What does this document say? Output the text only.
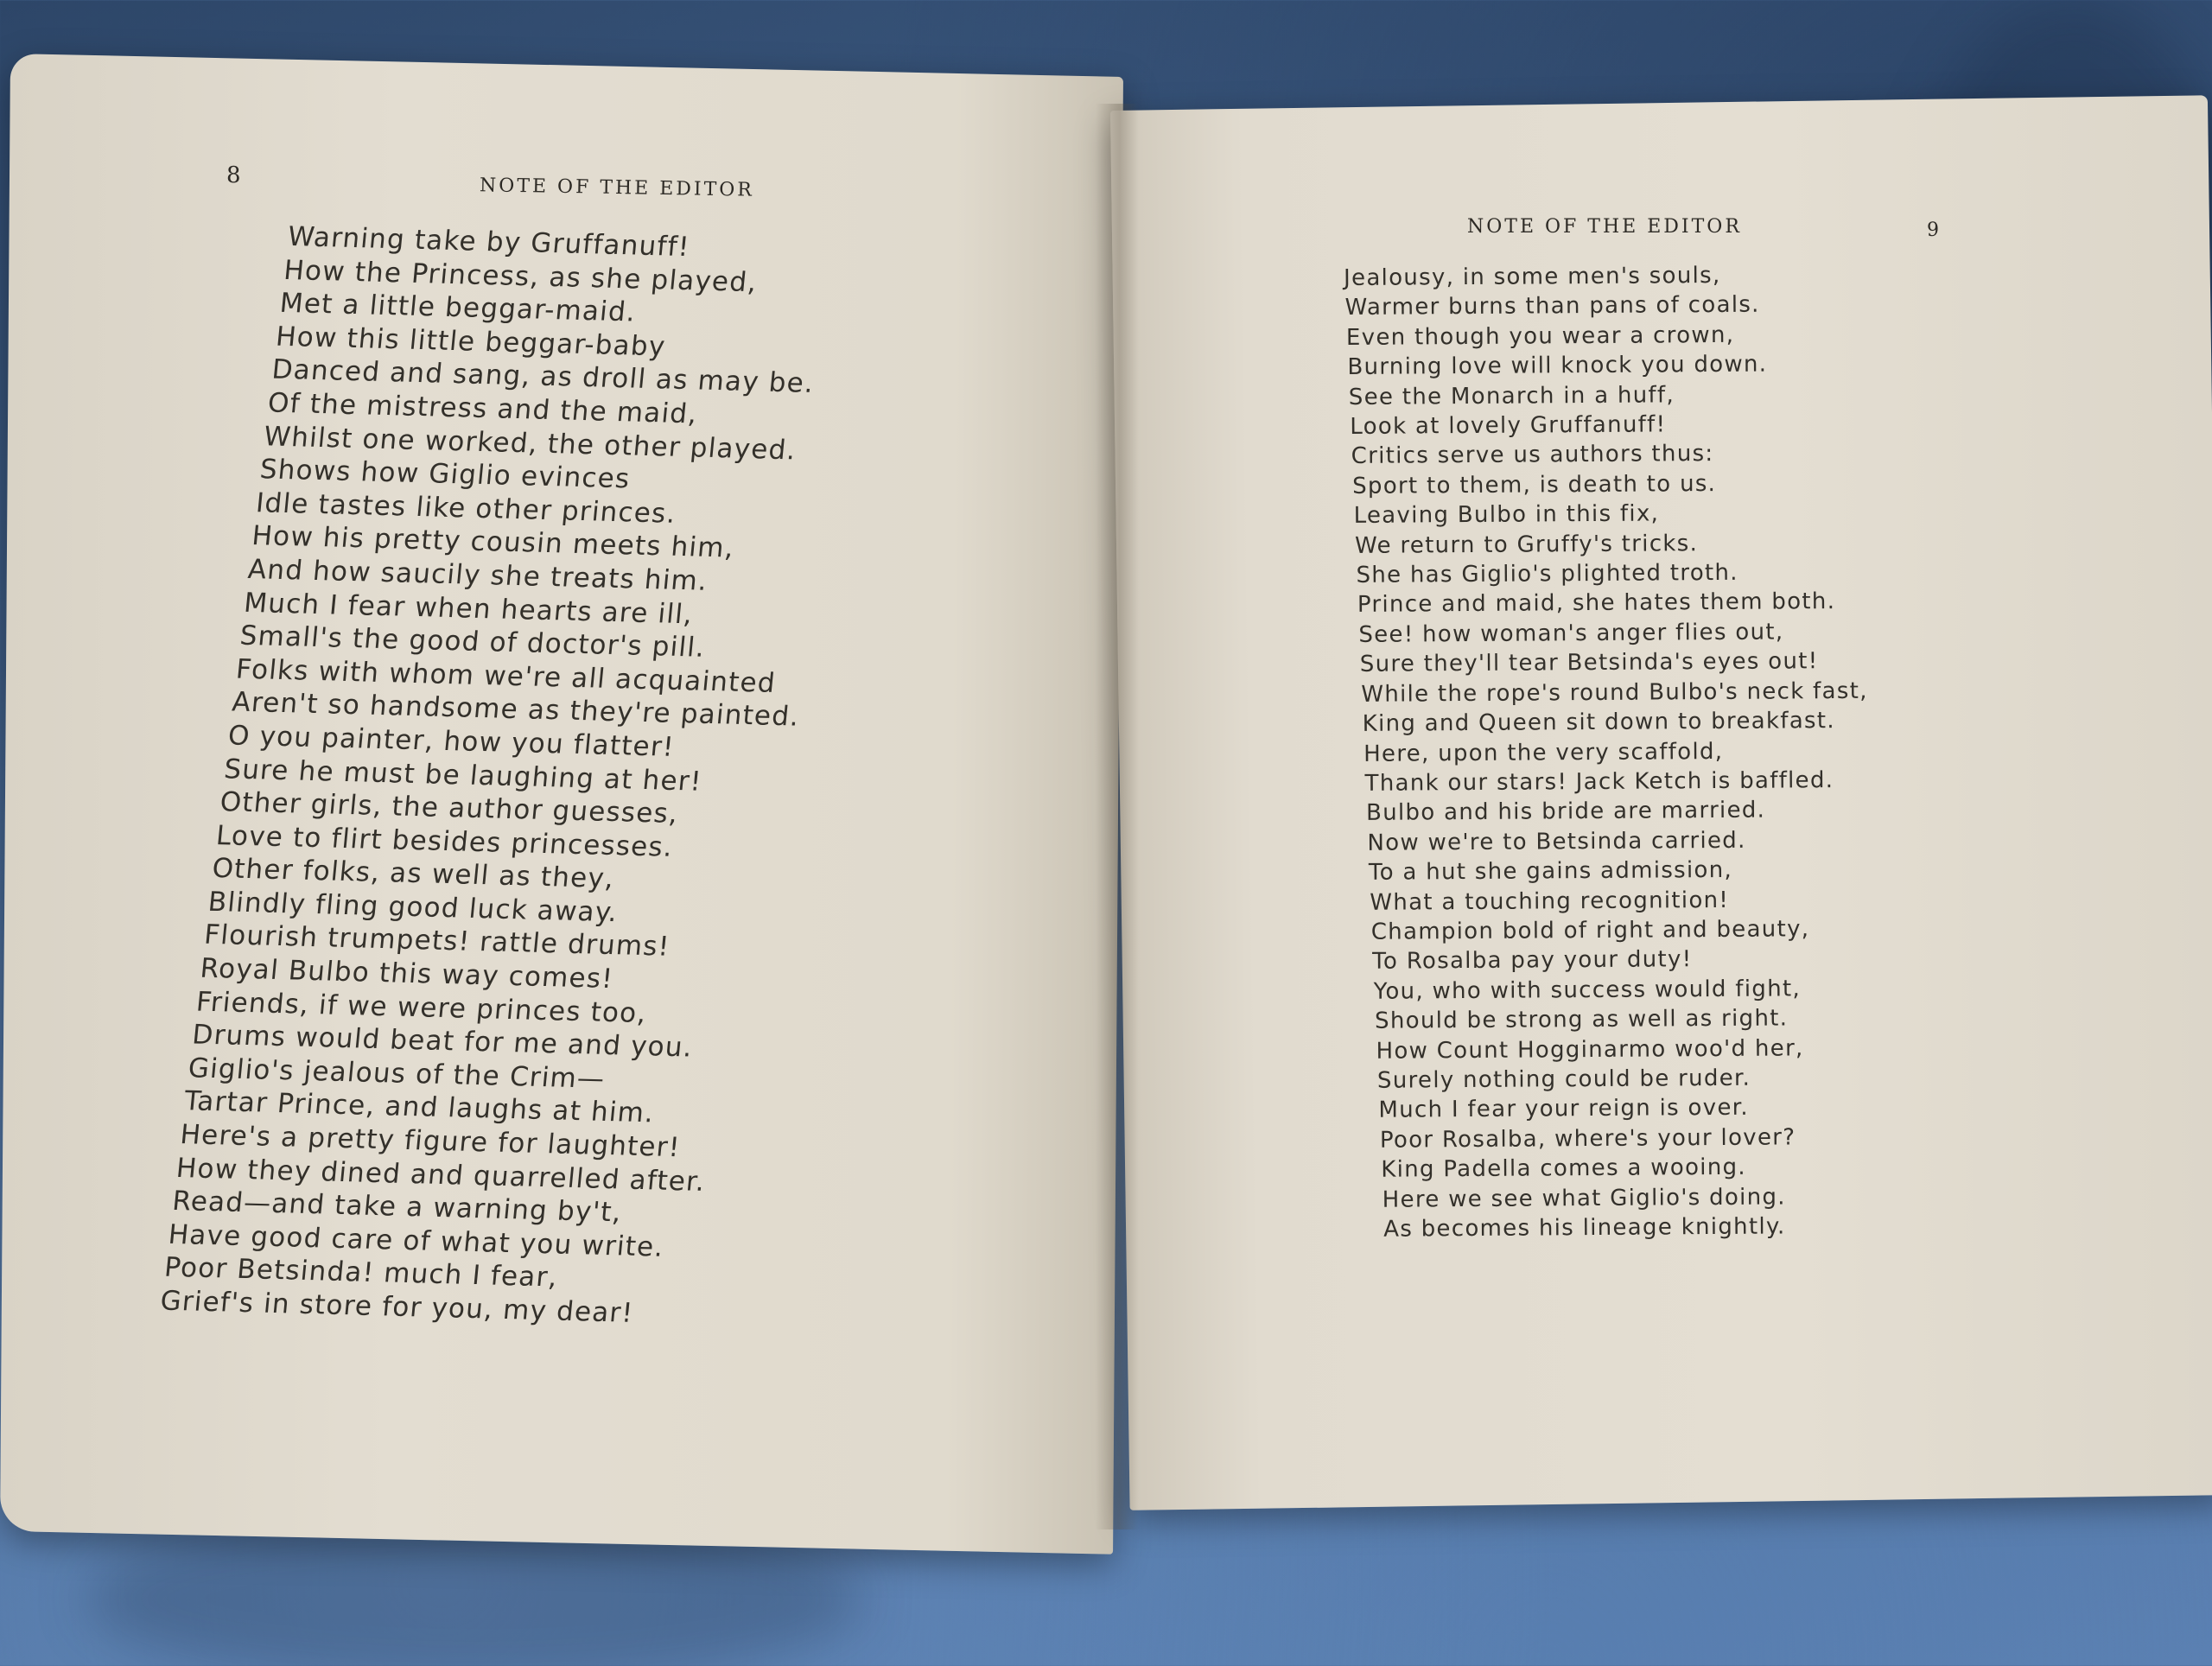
8	NOTE OF THE EDITOR
Warning take by Gruffanuff!
How the Princess, as she played,
Met a little beggar-maid.
How this little beggar-baby
Danced and sang, as droll as may be.
Of the mistress and the maid,
Whilst one worked, the other played.
Shows how Giglio evinces
Idle tastes like other princes.
How his pretty cousin meets him,
And how saucily she treats him.
Much I fear when hearts are ill,
Small's the good of doctor's pill.
Folks with whom we're all acquainted
Aren't so handsome as they're painted.
O you painter, how you flatter!
Sure he must be laughing at her!
Other girls, the author guesses,
Love to flirt besides princesses.
Other folks, as well as they,
Blindly fling good luck away.
Flourish trumpets! rattle drums!
Royal Bulbo this way comes!
Friends, if we were princes too,
Drums would beat for me and you.
Giglio's jealous of the Crim—
Tartar Prince, and laughs at him.
Here's a pretty figure for laughter!
How they dined and quarrelled after.
Read—and take a warning by't,
Have good care of what you write.
Poor Betsinda! much I fear,
Grief's in store for you, my dear!
NOTE OF THE EDITOR	9
Jealousy, in some men's souls,
Warmer burns than pans of coals.
Even though you wear a crown,
Burning love will knock you down.
See the Monarch in a huff,
Look at lovely Gruffanuff!
Critics serve us authors thus:
Sport to them, is death to us.
Leaving Bulbo in this fix,
We return to Gruffy's tricks.
She has Giglio's plighted troth.
Prince and maid, she hates them both.
See! how woman's anger flies out,
Sure they'll tear Betsinda's eyes out!
While the rope's round Bulbo's neck fast,
King and Queen sit down to breakfast.
Here, upon the very scaffold,
Thank our stars! Jack Ketch is baffled.
Bulbo and his bride are married.
Now we're to Betsinda carried.
To a hut she gains admission,
What a touching recognition!
Champion bold of right and beauty,
To Rosalba pay your duty!
You, who with success would fight,
Should be strong as well as right.
How Count Hogginarmo woo'd her,
Surely nothing could be ruder.
Much I fear your reign is over.
Poor Rosalba, where's your lover?
King Padella comes a wooing.
Here we see what Giglio's doing.
As becomes his lineage knightly.
